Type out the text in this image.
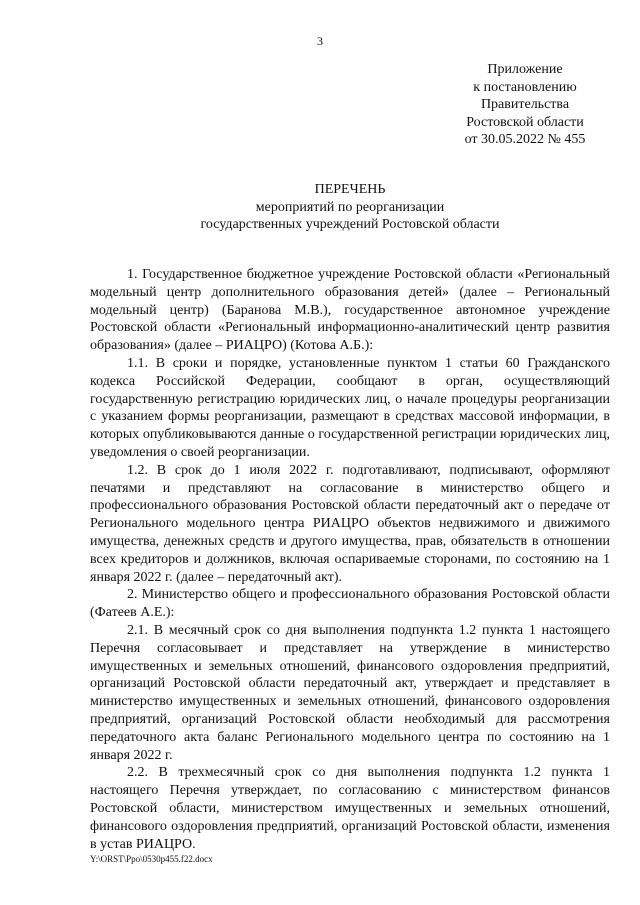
3
Приложение
к постановлению
Правительства
Ростовской области
от 30.05.2022 № 455
ПЕРЕЧЕНЬ
мероприятий по реорганизации
государственных учреждений Ростовской области

1. Государственное бюджетное учреждение Ростовской области «Региональный модельный центр дополнительного образования детей» (далее – Региональный модельный центр) (Баранова М.В.), государственное автономное учреждение Ростовской области «Региональный информационно-аналитический центр развития образования» (далее – РИАЦРО) (Котова А.Б.):

1.1. В сроки и порядке, установленные пунктом 1 статьи 60 Гражданского кодекса Российской Федерации, сообщают в орган, осуществляющий государственную регистрацию юридических лиц, о начале процедуры реорганизации с указанием формы реорганизации, размещают в средствах массовой информации, в которых опубликовываются данные о государственной регистрации юридических лиц, уведомления о своей реорганизации.

1.2. В срок до 1 июля 2022 г. подготавливают, подписывают, оформляют печатями и представляют на согласование в министерство общего и профессионального образования Ростовской области передаточный акт о передаче от Регионального модельного центра РИАЦРО объектов недвижимого и движимого имущества, денежных средств и другого имущества, прав, обязательств в отношении всех кредиторов и должников, включая оспариваемые сторонами, по состоянию на 1 января 2022 г. (далее – передаточный акт).

2. Министерство общего и профессионального образования Ростовской области (Фатеев А.Е.):

2.1. В месячный срок со дня выполнения подпункта 1.2 пункта 1 настоящего Перечня согласовывает и представляет на утверждение в министерство имущественных и земельных отношений, финансового оздоровления предприятий, организаций Ростовской области передаточный акт, утверждает и представляет в министерство имущественных и земельных отношений, финансового оздоровления предприятий, организаций Ростовской области необходимый для рассмотрения передаточного акта баланс Регионального модельного центра по состоянию на 1 января 2022 г.

2.2. В трехмесячный срок со дня выполнения подпункта 1.2 пункта 1 настоящего Перечня утверждает, по согласованию с министерством финансов Ростовской области, министерством имущественных и земельных отношений, финансового оздоровления предприятий, организаций Ростовской области, изменения в устав РИАЦРО.

Y:\ORST\Ppo\0530p455.f22.docx
